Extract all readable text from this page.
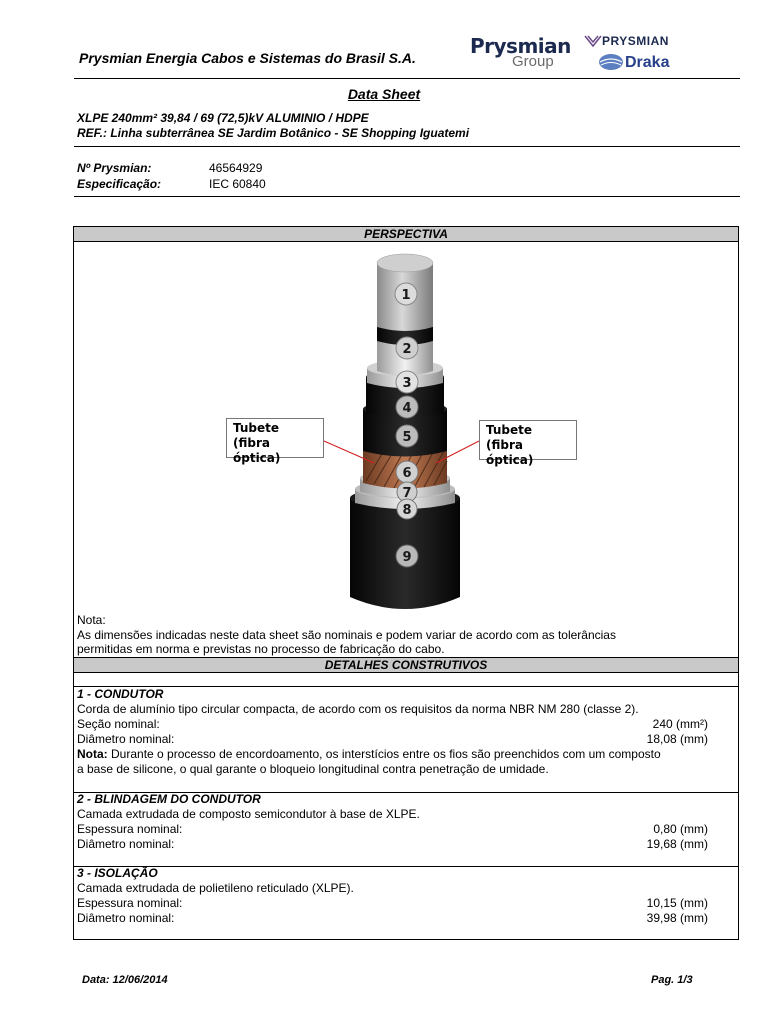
Prysmian Energia Cabos e Sistemas do Brasil S.A.	Prysmian
Group
PRYSMIAN
Draka
Data Sheet
XLPE 240mm² 39,84 / 69 (72,5)kV ALUMINIO / HDPE
REF.: Linha subterrânea SE Jardim Botânico - SE Shopping Iguatemi
Nº Prysmian:	46564929
Especificação:	IEC 60840
PERSPECTIVA
1
2
3
4
5
6
7
8
9
Tubete
(fibra óptica)
Tubete
(fibra óptica)
Nota:
As dimensões indicadas neste data sheet são nominais e podem variar de acordo com as tolerâncias
permitidas em norma e previstas no processo de fabricação do cabo.
DETALHES CONSTRUTIVOS
1 - CONDUTOR
Corda de alumínio tipo circular compacta, de acordo com os requisitos da norma NBR NM 280 (classe 2).
Seção nominal:	240 (mm²)
Diâmetro nominal:	18,08 (mm)
Nota: Durante o processo de encordoamento, os interstícios entre os fios são preenchidos com um composto
a base de silicone, o qual garante o bloqueio longitudinal contra penetração de umidade.
2 - BLINDAGEM DO CONDUTOR
Camada extrudada de composto semicondutor à base de XLPE.
Espessura nominal:	0,80 (mm)
Diâmetro nominal:	19,68 (mm)
3 - ISOLAÇÃO
Camada extrudada de polietileno reticulado (XLPE).
Espessura nominal:	10,15 (mm)
Diâmetro nominal:	39,98 (mm)
Data: 12/06/2014	Pag. 1/3
